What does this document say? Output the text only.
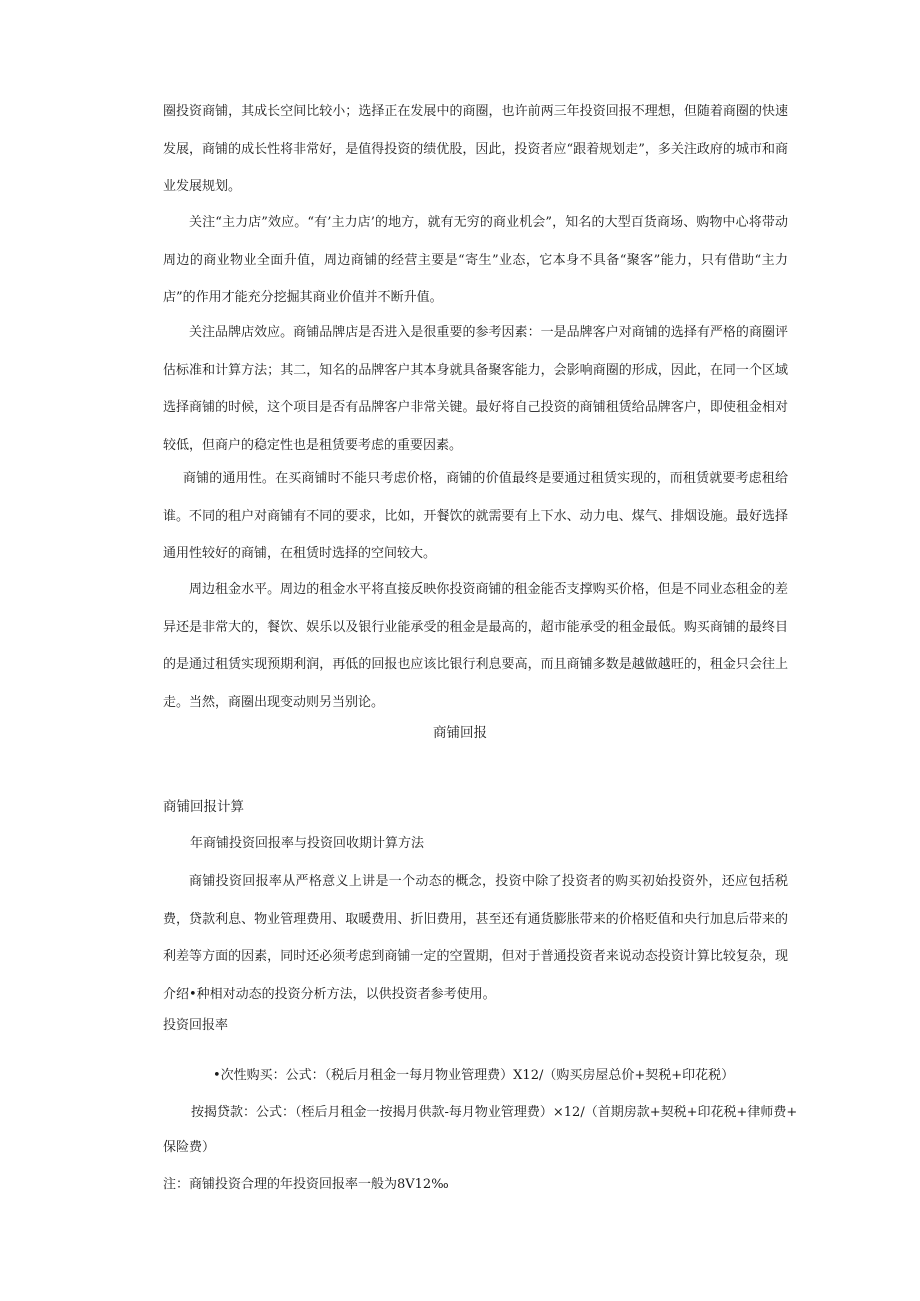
圈投资商铺，其成长空间比较小；选择正在发展中的商圈，也许前两三年投资回报不理想，但随着商圈的快速发展，商铺的成长性将非常好，是值得投资的绩优股，因此，投资者应“跟着规划走”，多关注政府的城市和商业发展规划。

关注“主力店”效应。“有’主力店’的地方，就有无穷的商业机会”，知名的大型百货商场、购物中心将带动周边的商业物业全面升值，周边商铺的经营主要是“寄生”业态，它本身不具备“聚客”能力，只有借助“主力店”的作用才能充分挖掘其商业价值并不断升值。

关注品牌店效应。商铺品牌店是否进入是很重要的参考因素：一是品牌客户对商铺的选择有严格的商圈评估标准和计算方法；其二，知名的品牌客户其本身就具备聚客能力，会影响商圈的形成，因此，在同一个区域选择商铺的时候，这个项目是否有品牌客户非常关键。最好将自己投资的商铺租赁给品牌客户，即使租金相对较低，但商户的稳定性也是租赁要考虑的重要因素。

商铺的通用性。在买商铺时不能只考虑价格，商铺的价值最终是要通过租赁实现的，而租赁就要考虑租给谁。不同的租户对商铺有不同的要求，比如，开餐饮的就需要有上下水、动力电、煤气、排烟设施。最好选择通用性较好的商铺，在租赁时选择的空间较大。

周边租金水平。周边的租金水平将直接反映你投资商铺的租金能否支撑购买价格，但是不同业态租金的差异还是非常大的，餐饮、娱乐以及银行业能承受的租金是最高的，超市能承受的租金最低。购买商铺的最终目的是通过租赁实现预期利润，再低的回报也应该比银行利息要高，而且商铺多数是越做越旺的，租金只会往上走。当然，商圈出现变动则另当别论。

商铺回报
商铺回报计算
年商铺投资回报率与投资回收期计算方法

商铺投资回报率从严格意义上讲是一个动态的概念，投资中除了投资者的购买初始投资外，还应包括税费，贷款利息、物业管理费用、取暖费用、折旧费用，甚至还有通货膨胀带来的价格贬值和央行加息后带来的利差等方面的因素，同时还必须考虑到商铺一定的空置期，但对于普通投资者来说动态投资计算比较复杂，现介绍•种相对动态的投资分析方法，以供投资者参考使用。

投资回报率
•次性购买：公式：（税后月租金一每月物业管理费）X12/（购买房屋总价+契税+印花税）
按揭贷款：公式：（桎后月租金一按揭月供款-每月物业管理费）×12/（首期房款+契税+印花税+律师费+
保险费）
注：商铺投资合理的年投资回报率一般为8V12‰
